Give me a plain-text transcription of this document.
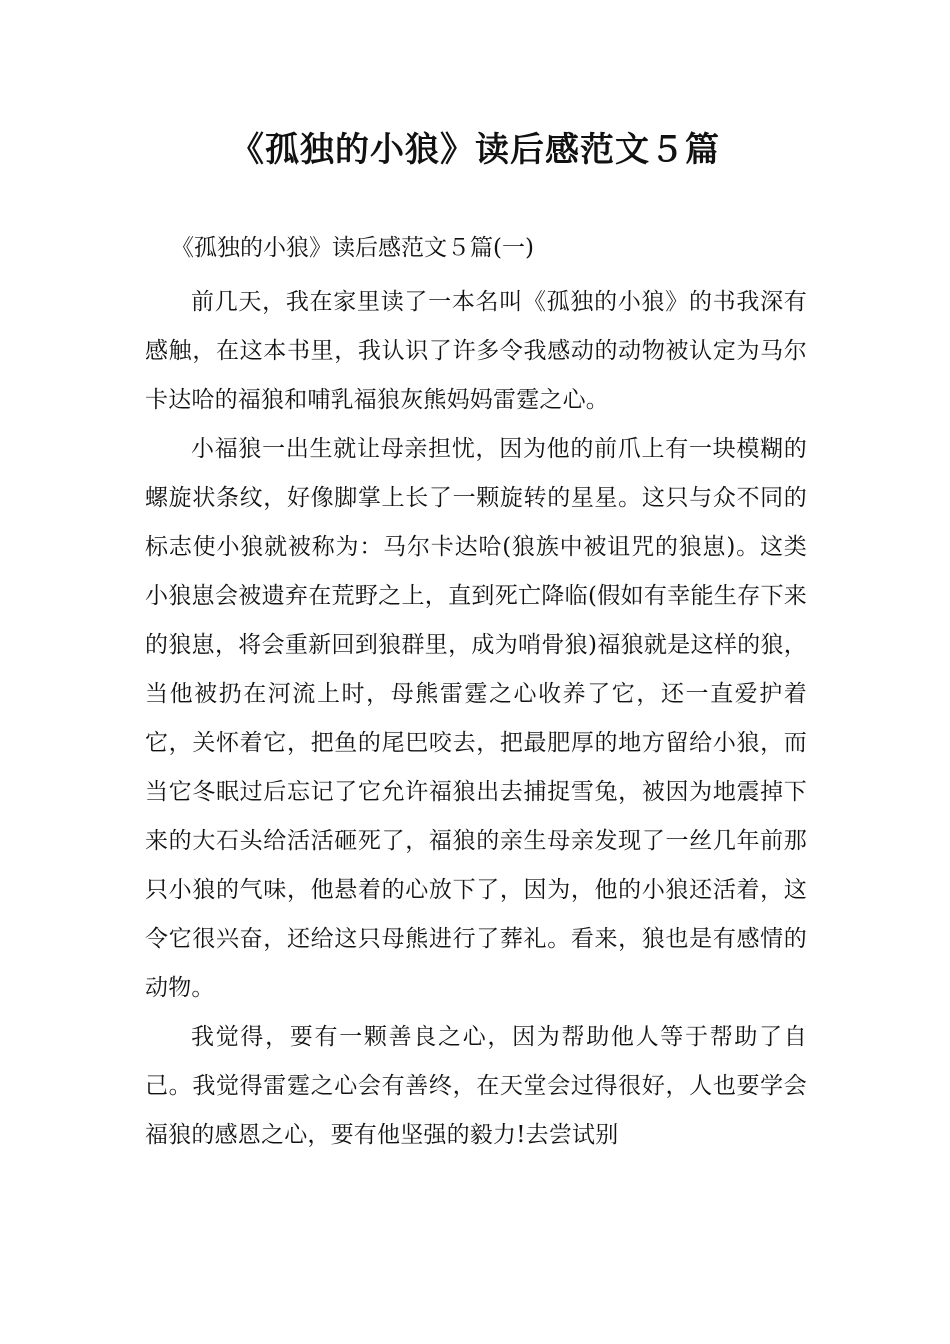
《孤独的小狼》读后感范文５篇

《孤独的小狼》读后感范文５篇(一)

前几天，我在家里读了一本名叫《孤独的小狼》的书我深有感触，在这本书里，我认识了许多令我感动的动物被认定为马尔卡达哈的福狼和哺乳福狼灰熊妈妈雷霆之心。

小福狼一出生就让母亲担忧，因为他的前爪上有一块模糊的螺旋状条纹，好像脚掌上长了一颗旋转的星星。这只与众不同的标志使小狼就被称为：马尔卡达哈(狼族中被诅咒的狼崽)。这类小狼崽会被遗弃在荒野之上，直到死亡降临(假如有幸能生存下来的狼崽，将会重新回到狼群里，成为哨骨狼)福狼就是这样的狼，当他被扔在河流上时，母熊雷霆之心收养了它，还一直爱护着它，关怀着它，把鱼的尾巴咬去，把最肥厚的地方留给小狼，而当它冬眠过后忘记了它允许福狼出去捕捉雪兔，被因为地震掉下来的大石头给活活砸死了，福狼的亲生母亲发现了一丝几年前那只小狼的气味，他悬着的心放下了，因为，他的小狼还活着，这令它很兴奋，还给这只母熊进行了葬礼。看来，狼也是有感情的动物。

我觉得，要有一颗善良之心，因为帮助他人等于帮助了自己。我觉得雷霆之心会有善终，在天堂会过得很好，人也要学会福狼的感恩之心，要有他坚强的毅力!去尝试别
